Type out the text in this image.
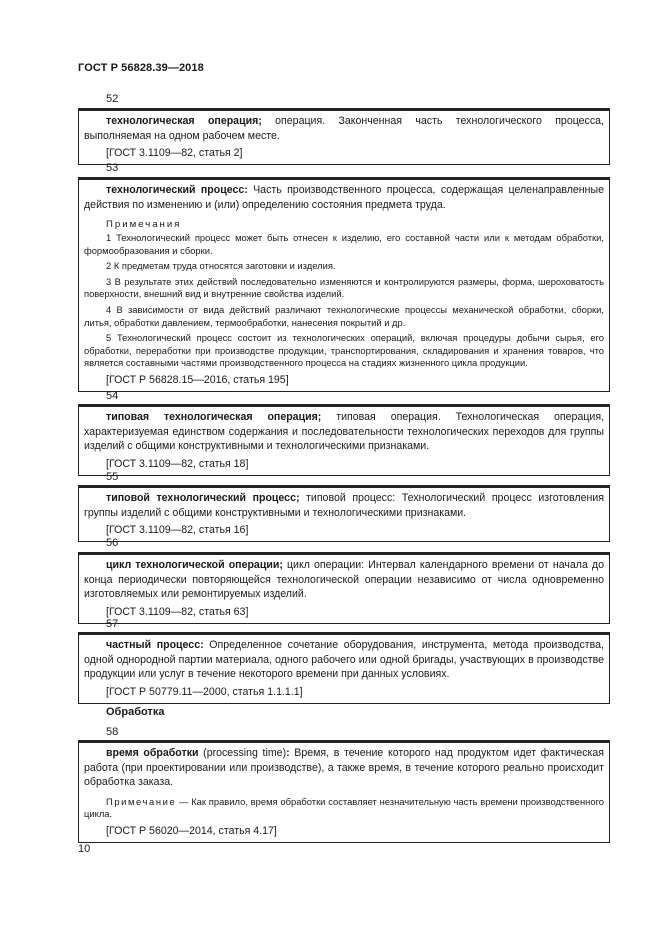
ГОСТ Р 56828.39—2018
52

технологическая операция; операция. Законченная часть технологического процесса, выполняемая на одном рабочем месте.

[ГОСТ 3.1109—82, статья 2]
53

технологический процесс: Часть производственного процесса, содержащая целенаправленные действия по изменению и (или) определению состояния предмета труда.

Примечания

1 Технологический процесс может быть отнесен к изделию, его составной части или к методам обработки, формообразования и сборки.

2 К предметам труда относятся заготовки и изделия.

3 В результате этих действий последовательно изменяются и контролируются размеры, форма, шероховатость поверхности, внешний вид и внутренние свойства изделий.

4 В зависимости от вида действий различают технологические процессы механической обработки, сборки, литья, обработки давлением, термообработки, нанесения покрытий и др.

5 Технологический процесс состоит из технологических операций, включая процедуры добычи сырья, его обработки, переработки при производстве продукции, транспортирования, складирования и хранения товаров, что является составными частями производственного процесса на стадиях жизненного цикла продукции.

[ГОСТ Р 56828.15—2016, статья 195]
54

типовая технологическая операция; типовая операция. Технологическая операция, характеризуемая единством содержания и последовательности технологических переходов для группы изделий с общими конструктивными и технологическими признаками.

[ГОСТ 3.1109—82, статья 18]
55

типовой технологический процесс; типовой процесс: Технологический процесс изготовления группы изделий с общими конструктивными и технологическими признаками.

[ГОСТ 3.1109—82, статья 16]
56

цикл технологической операции; цикл операции: Интервал календарного времени от начала до конца периодически повторяющейся технологической операции независимо от числа одновременно изготовляемых или ремонтируемых изделий.

[ГОСТ 3.1109—82, статья 63]
57

частный процесс: Определенное сочетание оборудования, инструмента, метода производства, одной однородной партии материала, одного рабочего или одной бригады, участвующих в производстве продукции или услуг в течение некоторого времени при данных условиях.

[ГОСТ Р 50779.11—2000, статья 1.1.1.1]
Обработка
58

время обработки (processing time): Время, в течение которого над продуктом идет фактическая работа (при проектировании или производстве), а также время, в течение которого реально происходит обработка заказа.

Примечание — Как правило, время обработки составляет незначительную часть времени производственного цикла.

[ГОСТ Р 56020—2014, статья 4.17]
10
